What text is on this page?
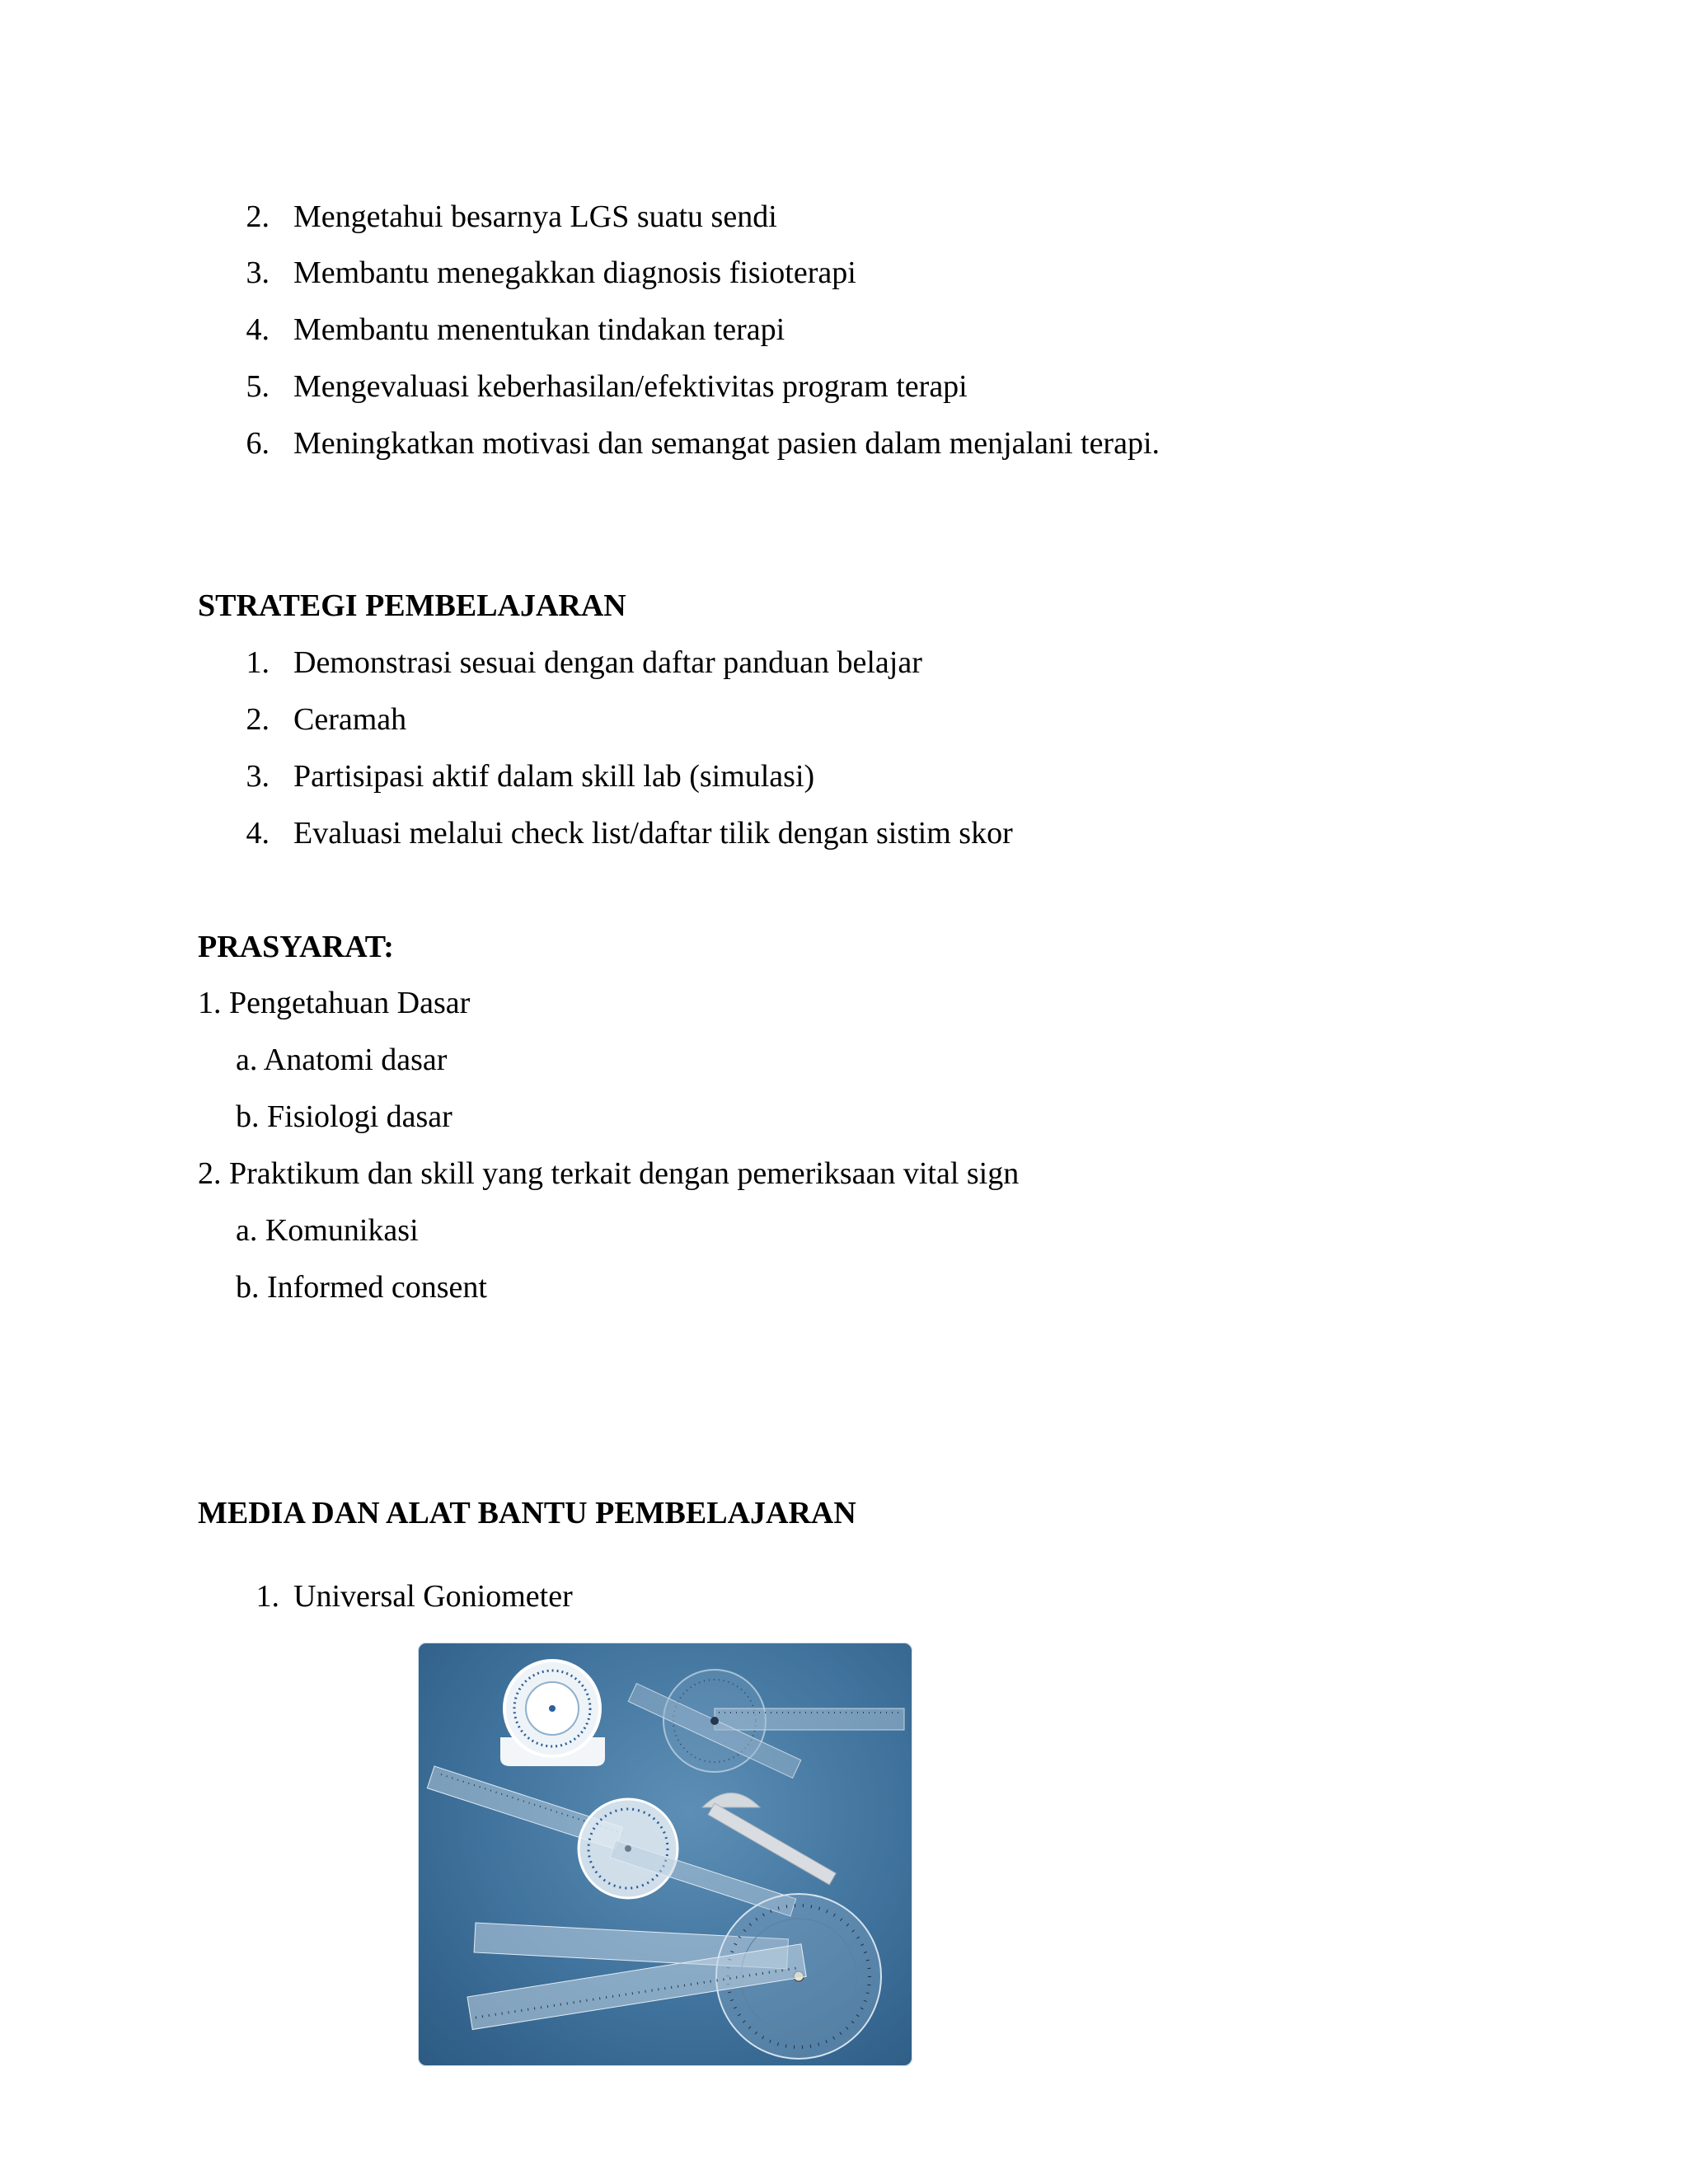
2. Mengetahui besarnya LGS suatu sendi
3. Membantu menegakkan diagnosis fisioterapi
4. Membantu menentukan tindakan terapi
5. Mengevaluasi keberhasilan/efektivitas program terapi
6. Meningkatkan motivasi dan semangat pasien dalam menjalani terapi.
STRATEGI PEMBELAJARAN
1. Demonstrasi sesuai dengan daftar panduan belajar
2. Ceramah
3. Partisipasi aktif dalam skill lab (simulasi)
4. Evaluasi melalui check list/daftar tilik dengan sistim skor
PRASYARAT:
1. Pengetahuan Dasar
a. Anatomi dasar
b. Fisiologi dasar
2. Praktikum dan skill yang terkait dengan pemeriksaan vital sign
a. Komunikasi
b. Informed consent
MEDIA DAN ALAT BANTU PEMBELAJARAN
1. Universal Goniometer
